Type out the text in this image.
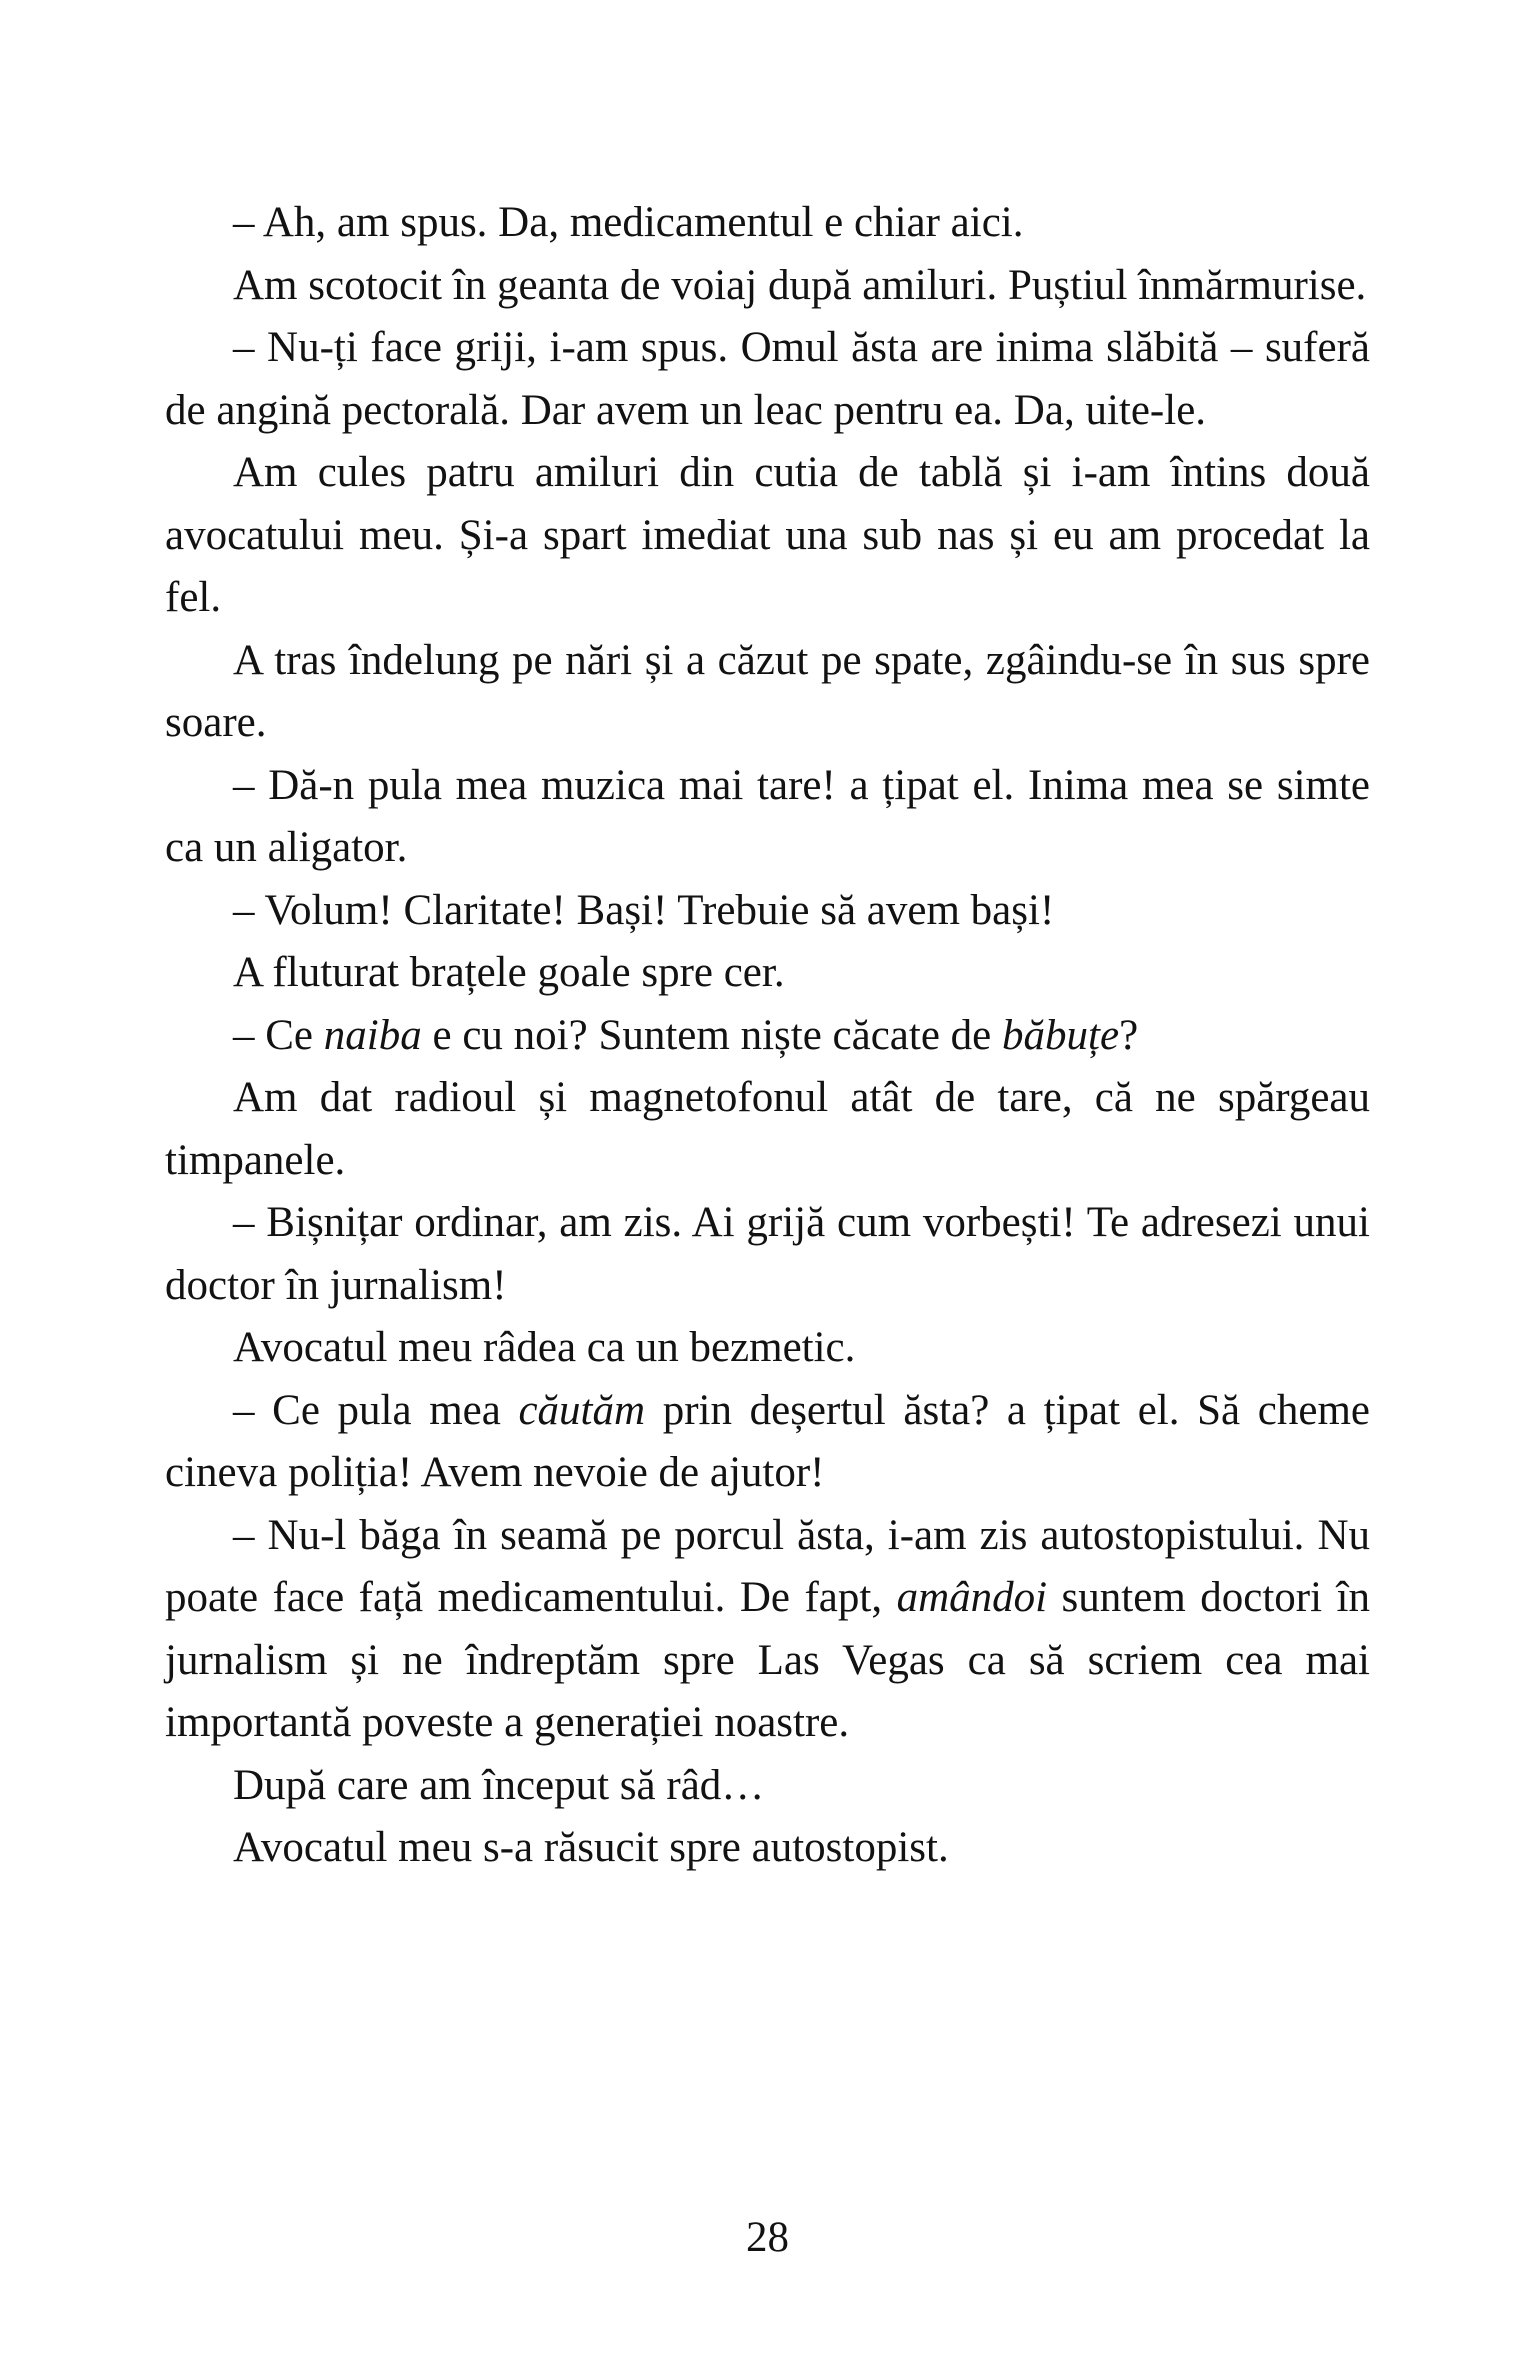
– Ah, am spus. Da, medicamentul e chiar aici.

Am scotocit în geanta de voiaj după amiluri. Puștiul înmărmurise.

– Nu-ți face griji, i-am spus. Omul ăsta are inima slăbită – suferă de angină pectorală. Dar avem un leac pentru ea. Da, uite-le.

Am cules patru amiluri din cutia de tablă și i-am întins două avocatului meu. Și-a spart imediat una sub nas și eu am procedat la fel.

A tras îndelung pe nări și a căzut pe spate, zgâindu-se în sus spre soare.

– Dă-n pula mea muzica mai tare! a țipat el. Inima mea se simte ca un aligator.

– Volum! Claritate! Bași! Trebuie să avem bași!

A fluturat brațele goale spre cer.

– Ce naiba e cu noi? Suntem niște căcate de băbuțe?

Am dat radioul și magnetofonul atât de tare, că ne spărgeau timpanele.

– Bișnițar ordinar, am zis. Ai grijă cum vorbești! Te adresezi unui doctor în jurnalism!

Avocatul meu râdea ca un bezmetic.

– Ce pula mea căutăm prin deșertul ăsta? a țipat el. Să cheme cineva poliția! Avem nevoie de ajutor!

– Nu-l băga în seamă pe porcul ăsta, i-am zis autostopistului. Nu poate face față medicamentului. De fapt, amândoi suntem doctori în jurnalism și ne îndreptăm spre Las Vegas ca să scriem cea mai importantă poveste a generației noastre.

După care am început să râd…

Avocatul meu s-a răsucit spre autostopist.

28
